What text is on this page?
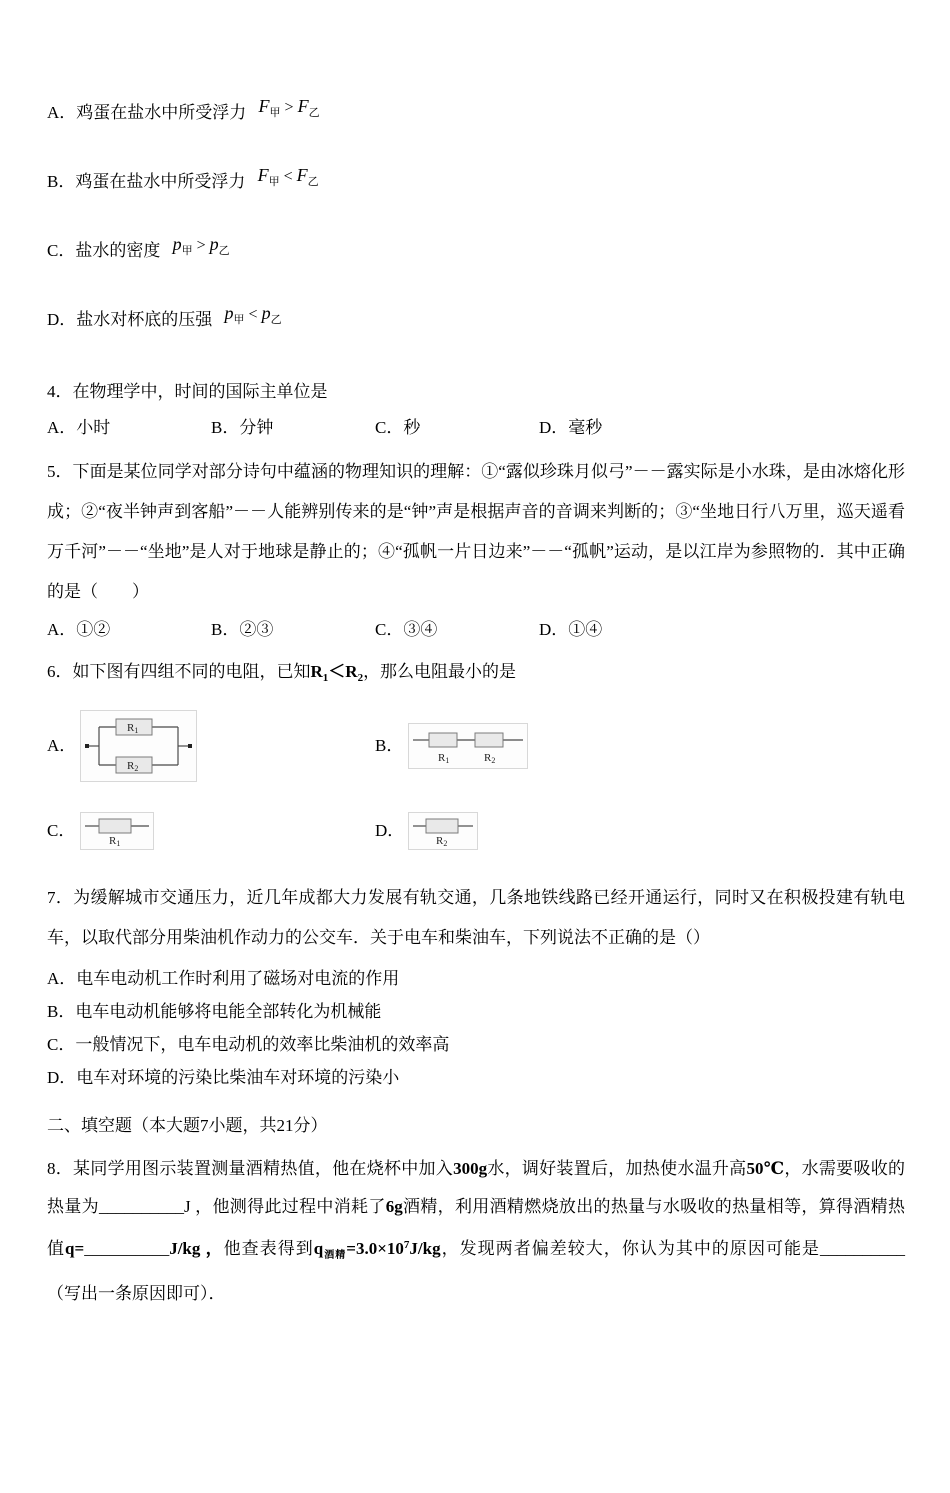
A．鸡蛋在盐水中所受浮力 $F_甲 > F_乙$
B．鸡蛋在盐水中所受浮力 $F_甲 < F_乙$
C．盐水的密度 $p_甲 > p_乙$
D．盐水对杯底的压强 $p_甲 < p_乙$
4．在物理学中，时间的国际主单位是
A．小时	B．分钟	C．秒	D．毫秒
5．下面是某位同学对部分诗句中蕴涵的物理知识的理解：①“露似珍珠月似弓”－－露实际是小水珠，是由冰熔化形成；②“夜半钟声到客船”－－人能辨别传来的是“钟”声是根据声音的音调来判断的；③“坐地日行八万里，巡天遥看万千河”－－“坐地”是人对于地球是静止的；④“孤帆一片日边来”－－“孤帆”运动，是以江岸为参照物的．其中正确的是（　　）
A．①②	B．②③	C．③④	D．①④
6．如下图有四组不同的电阻，已知$R_1<R_2$，那么电阻最小的是
A．
R1
R2
B．
R1	R2
C．
R1
D．
R2
7．为缓解城市交通压力，近几年成都大力发展有轨交通，几条地铁线路已经开通运行，同时又在积极投建有轨电车，以取代部分用柴油机作动力的公交车．关于电车和柴油车，下列说法不正确的是（）
A．电车电动机工作时利用了磁场对电流的作用
B．电车电动机能够将电能全部转化为机械能
C．一般情况下，电车电动机的效率比柴油机的效率高
D．电车对环境的污染比柴油车对环境的污染小
二、填空题（本大题7小题，共21分）
8．某同学用图示装置测量酒精热值，他在烧杯中加入300g水，调好装置后，加热使水温升高50℃，水需要吸收的热量为__________J ，他测得此过程中消耗了6g酒精，利用酒精燃烧放出的热量与水吸收的热量相等，算得酒精热值q=__________J/kg ，他查表得到$q_{酒精}=3.0\times 10^7J/kg$，发现两者偏差较大，你认为其中的原因可能是__________（写出一条原因即可）．
